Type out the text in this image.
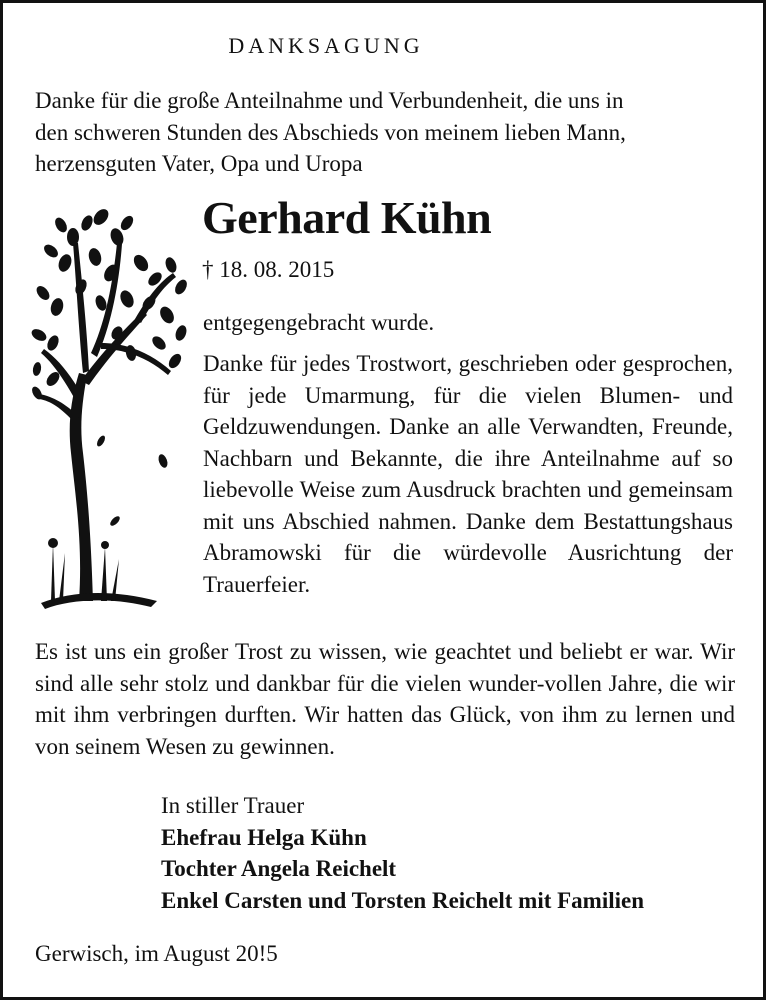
DANKSAGUNG
Danke für die große Anteilnahme und Verbundenheit, die uns in
den schweren Stunden des Abschieds von meinem lieben Mann,
herzensguten Vater, Opa und Uropa
Gerhard Kühn
† 18. 08. 2015
entgegengebracht wurde.
Danke für jedes Trostwort, geschrieben oder gesprochen, für jede Umarmung, für die vielen Blumen- und Geldzuwendungen. Danke an alle Verwandten, Freunde, Nachbarn und Bekannte, die ihre Anteilnahme auf so liebevolle Weise zum Ausdruck brachten und gemeinsam mit uns Abschied nahmen. Danke dem Bestattungshaus Abramowski für die würdevolle Ausrichtung der Trauerfeier.
Es ist uns ein großer Trost zu wissen, wie geachtet und beliebt er war. Wir sind alle sehr stolz und dankbar für die vielen wunder-vollen Jahre, die wir mit ihm verbringen durften. Wir hatten das Glück, von ihm zu lernen und von seinem Wesen zu gewinnen.
In stiller Trauer
Ehefrau Helga Kühn
Tochter Angela Reichelt
Enkel Carsten und Torsten Reichelt mit Familien
Gerwisch, im August 20!5
